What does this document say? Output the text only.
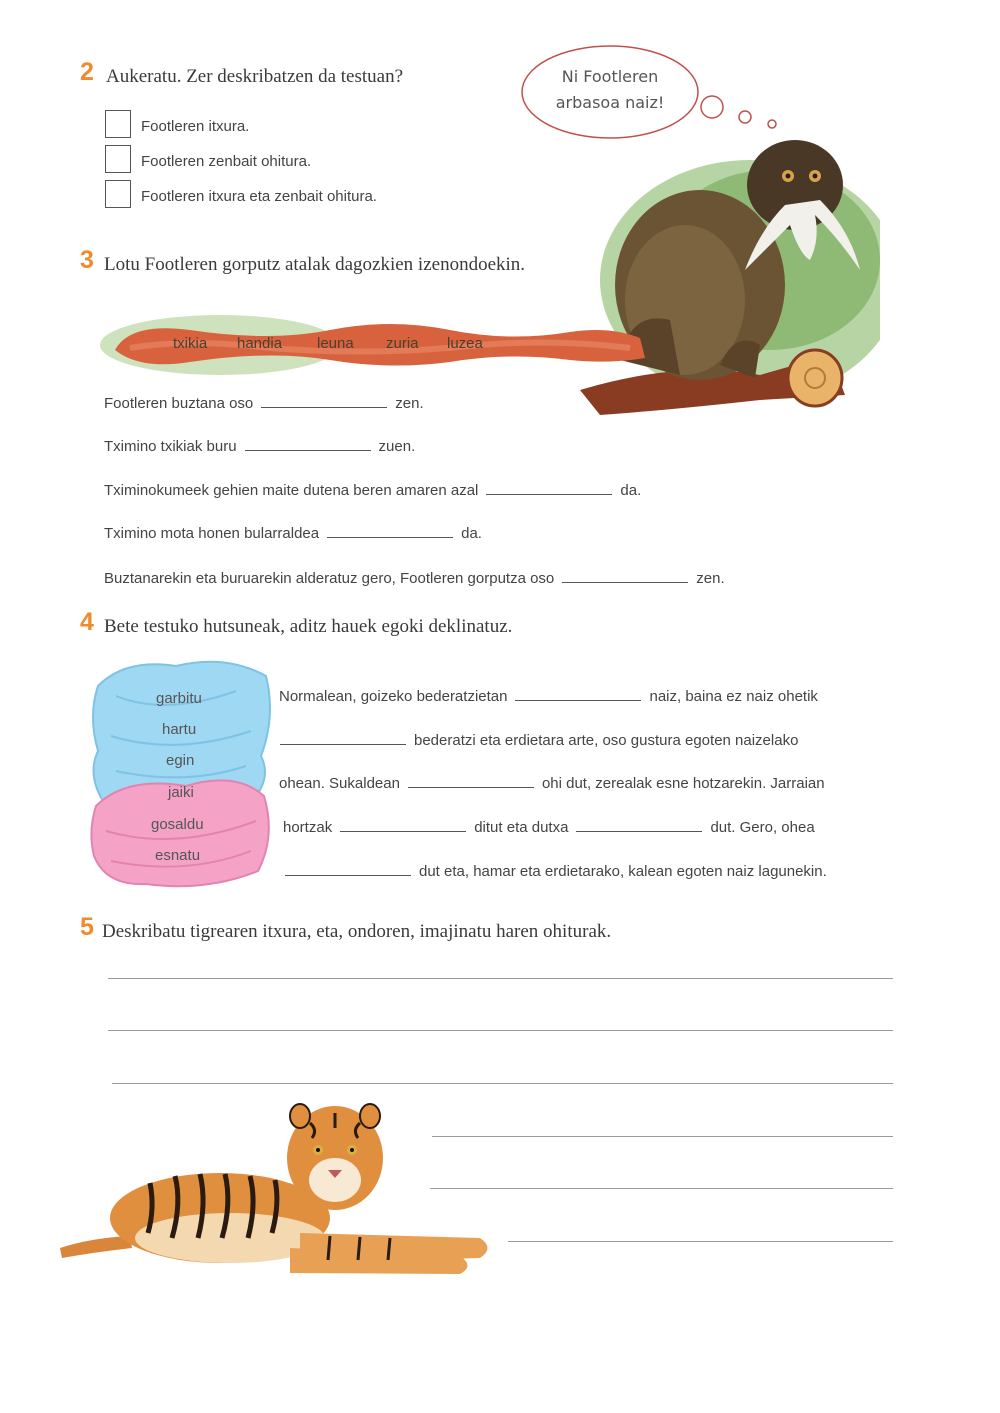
2 Aukeratu. Zer deskribatzen da testuan?
Footleren itxura.
Footleren zenbait ohitura.
Footleren itxura eta zenbait ohitura.
Ni Footleren
arbasoa naiz!
3 Lotu Footleren gorputz atalak dagozkien izenondoekin.
txikia handia leuna zuria luzea
Footleren buztana oso	zen.
Tximino txikiak buru	zuen.
Tximinokumeek gehien maite dutena beren amaren azal	da.
Tximino mota honen bularraldea	da.
Buztanarekin eta buruarekin alderatuz gero, Footleren gorputza oso	zen.
4 Bete testuko hutsuneak, aditz hauek egoki deklinatuz.
garbitu
hartu
egin
jaiki
gosaldu
esnatu
Normalean, goizeko bederatzietan	naiz, baina ez naiz ohetik
bederatzi eta erdietara arte, oso gustura egoten naizelako
ohean. Sukaldean	ohi dut, zerealak esne hotzarekin. Jarraian
hortzak	ditut eta dutxa	dut. Gero, ohea
dut eta, hamar eta erdietarako, kalean egoten naiz lagunekin.
5 Deskribatu tigrearen itxura, eta, ondoren, imajinatu haren ohiturak.
